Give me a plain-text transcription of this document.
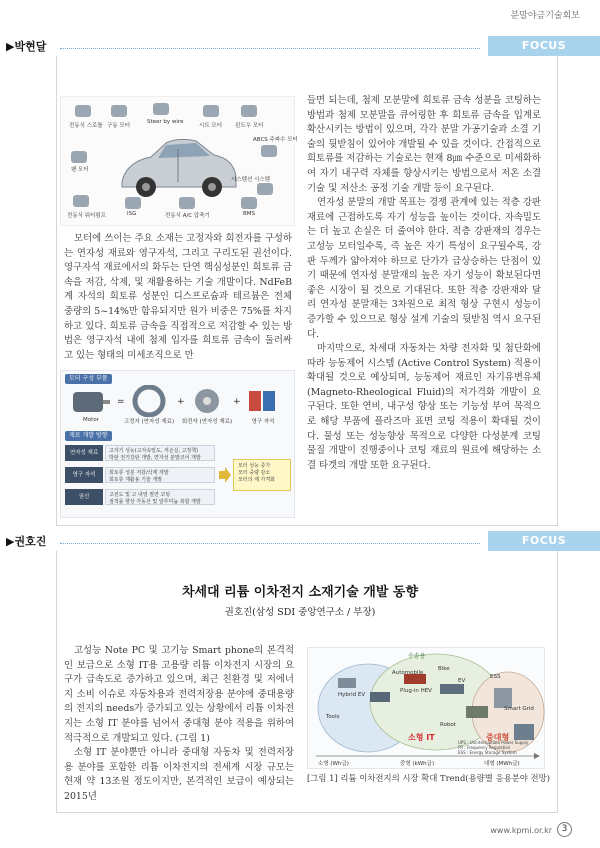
분말야금기술회보
▶박현달	FOCUS
전동식 스로틀 구동 모터
Steer by wire
시트 모터 윈도우 모터
ABCS 주파수 모터
팬 모터
시스템션 시스템
전동식 워터펌프	ISG	전동식 A/C 압축기	BMS

모터에 쓰이는 주요 소재는 고정자와 회전자를 구성하는 연자성 재료와 영구자석, 그리고 구리도된 권선이다. 영구자석 재료에서의 화두는 단연 핵심성분인 희토류 금속을 저감, 삭제, 및 재활용하는 기술 개발이다. NdFeB계 자석의 희토류 성분인 디스프로슘과 테르븀은 전체 중량의 5~14%만 함유되지만 원가 비중은 75%를 차지하고 있다. 희토류 금속을 직접적으로 저감할 수 있는 방법은 영구자석 내에 첨제 입자를 희토류 금속이 둘러싸고 있는 형태의 미세조직으로 만

모터 구성 부품
Motor
=
고정자 (연자성 재료)
+
회전자 (연자성 재료)
+
영구 자석
재료 개발 방향
연자성 재료	고자기 성능(고자속밀도, 저손실, 고정책)
박판 전기강판 개발, 연자성 분말코어 개발
영구 자석	희토류 성분 저감/삭제 개발
희토류 재활용 기술 개발
권선	고전도 및 고 내열 절연 코팅
점적률 향상 각동선 및 알루미늄 복합 개발
모터 성능 증가
모터 중량 감소
모터의 제 가격화

들면 되는데, 첨제 모분말에 희토류 금속 성분을 코팅하는 방법과 첨제 모분말을 큐어링한 후 희토류 금속을 입계로 확산시키는 방법이 있으며, 각각 분말 가공기술과 소결 기술의 뒷받침이 있어야 개발될 수 있을 것이다. 간접적으로 희토류를 저감하는 기술로는 현재 8㎛ 수준으로 미세화하여 자기 내구력 자체를 향상시키는 방법으로서 저온 소결 기술 및 저산소 공정 기술 개발 등이 요구된다.

연자성 분말의 개발 목표는 경쟁 관계에 있는 적층 강판 재료에 근접하도록 자기 성능을 높이는 것이다. 자속밀도는 더 높고 손실은 더 줄여야 한다. 적층 강판재의 경우는 고성능 모터일수록, 즉 높은 자기 특성이 요구될수록, 강판 두께가 얇아져야 하므로 단가가 급상승하는 단점이 있기 때문에 연자성 분말재의 높은 자기 성능이 확보된다면 좋은 시장이 될 것으로 기대된다. 또한 적층 강판재와 달리 연자성 분말재는 3차원으로 최적 형상 구현시 성능이 증가할 수 있으므로 형상 설계 기술의 뒷받침 역시 요구된다.

마지막으로, 차세대 자동차는 차량 전자화 및 첨단화에 따라 능동제어 시스템 (Active Control System) 적용이 확대될 것으로 예상되며, 능동제어 재료인 자기유변유체 (Magneto-Rheological Fluid)의 저가격화 개발이 요구된다. 또한 연비, 내구성 향상 또는 기능성 부여 목적으로 해당 부품에 플라즈마 표면 코팅 적용이 확대될 것이다. 물성 또는 성능향상 목적으로 다양한 다성분계 코팅 물질 개발이 진행중이나 코팅 재료의 원료에 해당하는 소결 타겟의 개발 또한 요구된다.

▶권호진	FOCUS
차세대 리튬 이차전지 소재기술 개발 동향
권호진(삼성 SDI 중앙연구소 / 부장)

고성능 Note PC 및 고기능 Smart phone의 본격적인 보급으로 소형 IT용 고용량 리튬 이차전지 시장의 요구가 급속도로 증가하고 있으며, 최근 친환경 및 저에너지 소비 이슈로 자동차용과 전력저장용 분야에 중대용량의 전지의 needs가 증가되고 있는 상황에서 리튬 이차전지는 소형 IT 분야를 넘어서 중대형 분야 적용을 위하여 적극적으로 개발되고 있다. (그림 1)

소형 IT 분야뿐만 아니라 중대형 자동차 및 전력저장용 분야를 포함한 리튬 이차전지의 전세계 시장 규모는 현재 약 13조원 정도이지만, 본격적인 보급이 예상되는 2015년

수송용
Automobile
Bike
Hybrid EV
Plug-in HEV
EV
ESS
Tools
Robot
Smart Grid
소형 IT	중대형
소형 (Wh급)	중형 (kWh급)	대형 (MWh급)
UPS : Uninterruptible Power Supply
FR : Frequency Regulation
ESS : Energy Storage System
[그림 1] 리튬 이차전지의 시장 확대 Trend(용량별 응용분야 전망)
www.kpmi.or.kr	3
